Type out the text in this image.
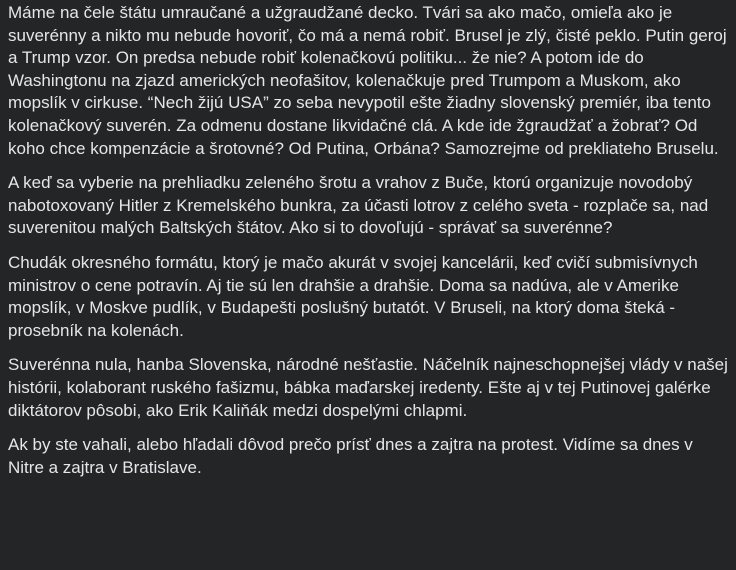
Máme na čele štátu umraučané a užgraudžané decko. Tvári sa ako mačo, omieľa ako je suverénny a nikto mu nebude hovoriť, čo má a nemá robiť. Brusel je zlý, čisté peklo. Putin geroj a Trump vzor. On predsa nebude robiť kolenačkovú politiku... že nie? A potom ide do Washingtonu na zjazd amerických neofašitov, kolenačkuje pred Trumpom a Muskom, ako mopslík v cirkuse. “Nech žijú USA” zo seba nevypotil ešte žiadny slovenský premiér, iba tento kolenačkový suverén. Za odmenu dostane likvidačné clá. A kde ide žgraudžať a žobrať? Od koho chce kompenzácie a šrotovné? Od Putina, Orbána? Samozrejme od prekliateho Bruselu.

A keď sa vyberie na prehliadku zeleného šrotu a vrahov z Buče, ktorú organizuje novodobý nabotoxovaný Hitler z Kremelského bunkra, za účasti lotrov z celého sveta - rozplače sa, nad suverenitou malých Baltských štátov. Ako si to dovoľujú - správať sa suverénne?

Chudák okresného formátu, ktorý je mačo akurát v svojej kancelárii, keď cvičí submisívnych ministrov o cene potravín. Aj tie sú len drahšie a drahšie. Doma sa nadúva, ale v Amerike mopslík, v Moskve pudlík, v Budapešti poslušný butatót. V Bruseli, na ktorý doma šteká - prosebník na kolenách.

Suverénna nula, hanba Slovenska, národné nešťastie. Náčelník najneschopnejšej vlády v našej histórii, kolaborant ruského fašizmu, bábka maďarskej iredenty. Ešte aj v tej Putinovej galérke diktátorov pôsobi, ako Erik Kaliňák medzi dospelými chlapmi.

Ak by ste vahali, alebo hľadali dôvod prečo prísť dnes a zajtra na protest. Vidíme sa dnes v Nitre a zajtra v Bratislave.
